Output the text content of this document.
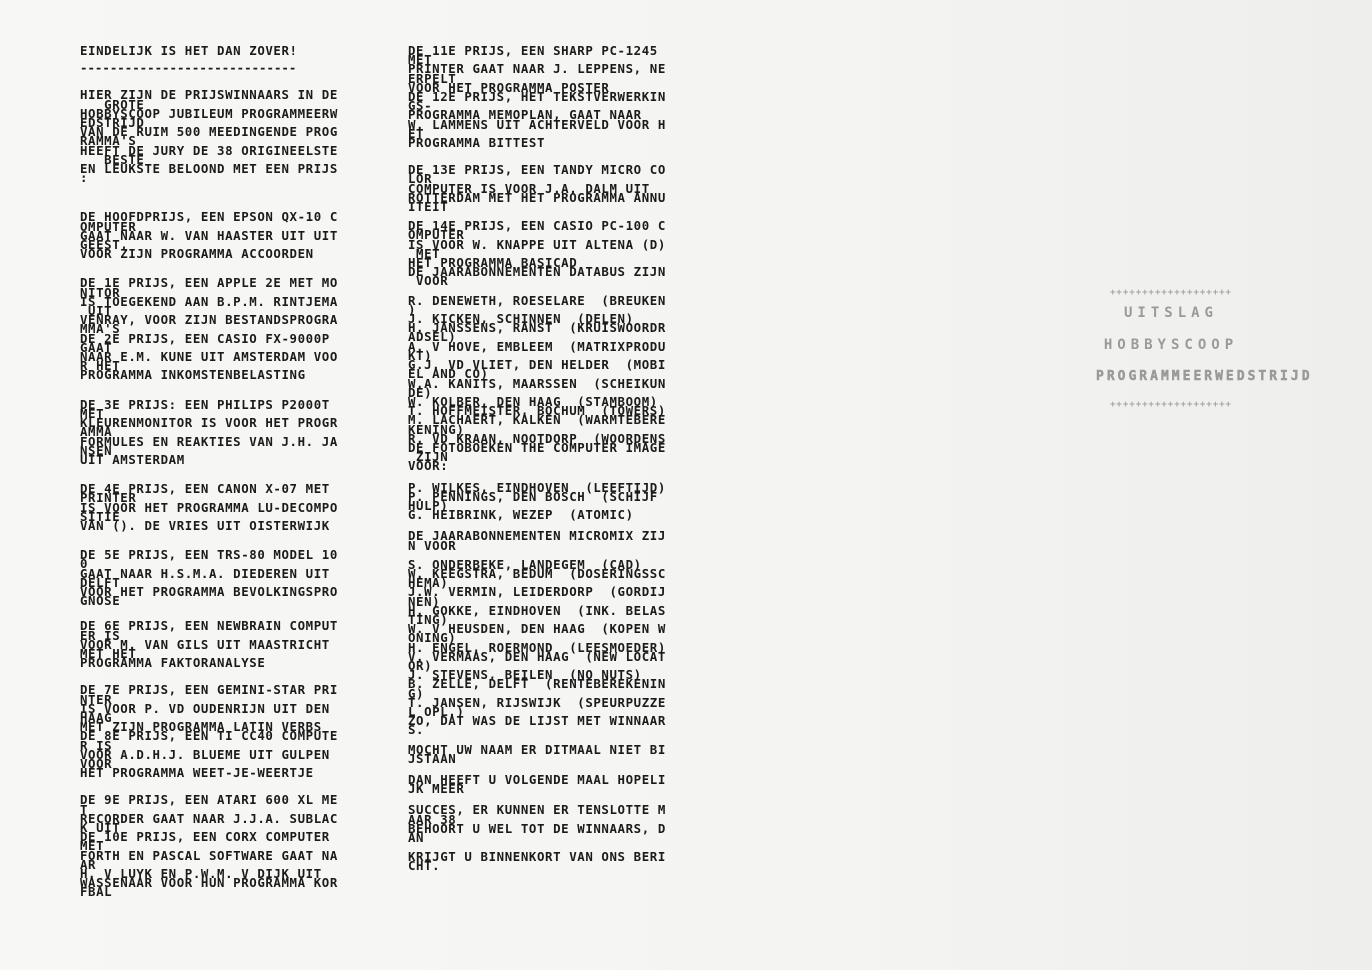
EINDELIJK IS HET DAN ZOVER!

-----------------------------

HIER ZIJN DE PRIJSWINNAARS IN DE
GROTE
HOBBYSCOOP JUBILEUM PROGRAMMEERW
EDSTRIJD
VAN DE RUIM 500 MEEDINGENDE PROG
RAMMA'S
HEEFT DE JURY DE 38 ORIGINEELSTE
BESTE
EN LEUKSTE BELOOND MET EEN PRIJS
:

DE HOOFDPRIJS, EEN EPSON QX-10 C
OMPUTER
GAAT NAAR W. VAN HAASTER UIT UIT
GEEST,
VOOR ZIJN PROGRAMMA ACCOORDEN

DE 1E PRIJS, EEN APPLE 2E MET MO
NITOR
IS TOEGEKEND AAN B.P.M. RINTJEMA
UIT
VENRAY, VOOR ZIJN BESTANDSPROGRA
MMA'S
DE 2E PRIJS, EEN CASIO FX-9000P
GAAT
NAAR E.M. KUNE UIT AMSTERDAM VOO
R HET
PROGRAMMA INKOMSTENBELASTING

DE 3E PRIJS: EEN PHILIPS P2000T
MET
KLEURENMONITOR IS VOOR HET PROGR
AMMA
FORMULES EN REAKTIES VAN J.H. JA
NSEN
UIT AMSTERDAM

DE 4E PRIJS, EEN CANON X-07 MET
PRINTER
IS VOOR HET PROGRAMMA LU-DECOMPO
SITIE
VAN (). DE VRIES UIT OISTERWIJK

DE 5E PRIJS, EEN TRS-80 MODEL 10
0
GAAT NAAR H.S.M.A. DIEDEREN UIT
DELFT
VOOR HET PROGRAMMA BEVOLKINGSPRO
GNOSE

DE 6E PRIJS, EEN NEWBRAIN COMPUT
ER IS
VOOR M. VAN GILS UIT MAASTRICHT
MET HET
PROGRAMMA FAKTORANALYSE

DE 7E PRIJS, EEN GEMINI-STAR PRI
NTER
IS VOOR P. VD OUDENRIJN UIT DEN
HAAG
MET ZIJN PROGRAMMA LATIN VERBS
DE 8E PRIJS, EEN TI CC40 COMPUTE
R IS
VOOR A.D.H.J. BLUEME UIT GULPEN
VOOR
HET PROGRAMMA WEET-JE-WEERTJE

DE 9E PRIJS, EEN ATARI 600 XL ME
T
RECORDER GAAT NAAR J.J.A. SUBLAC
K UIT
DE 10E PRIJS, EEN CORX COMPUTER
MET
FORTH EN PASCAL SOFTWARE GAAT NA
AR
H. V LUYK EN P.W.M. V DIJK UIT
WASSENAAR VOOR HUN PROGRAMMA KOR
FBAL

DE 11E PRIJS, EEN SHARP PC-1245
MET
PRINTER GAAT NAAR J. LEPPENS, NE
ERPELT
VOOR HET PROGRAMMA POSTER
DE 12E PRIJS, HET TEKSTVERWERKIN
GS-
PROGRAMMA MEMOPLAN, GAAT NAAR
W. LAMMENS UIT ACHTERVELD VOOR H
ET
PROGRAMMA BITTEST

DE 13E PRIJS, EEN TANDY MICRO CO
LOR
COMPUTER IS VOOR J.A. DALM UIT
ROTTERDAM MET HET PROGRAMMA ANNU
ITEIT

DE 14E PRIJS, EEN CASIO PC-100 C
OMPUTER
IS VOOR W. KNAPPE UIT ALTENA (D)
MET
HET PROGRAMMA BASICAD
DE JAARABONNEMENTEN DATABUS ZIJN
VOOR

R. DENEWETH, ROESELARE  (BREUKEN
)
J. KICKEN, SCHINNEN  (DELEN)
H. JANSSENS, RANST  (KRUISWOORDR
ADSEL)
A. V HOVE, EMBLEEM  (MATRIXPRODU
KT)
G.J. VD VLIET, DEN HELDER  (MOBI
EL AND CO)
W.A. KANITS, MAARSSEN  (SCHEIKUN
DE)
W. KOLBER, DEN HAAG  (STAMBOOM)
T. HOFFMEISTER, BOCHUM  (TOWERS)
M. LACHAERT, KALKEN  (WARMTEBERE
KENING)
R. VD KRAAN, NOOTDORP  (WOORDENS
DE FOTOBOEKEN THE COMPUTER IMAGE
ZIJN
VOOR:

P. WILKES, EINDHOVEN  (LEEFTIJD)
P. PENNINGS, DEN BOSCH  (SCHIJF
HULP)
G. HEIBRINK, WEZEP  (ATOMIC)

DE JAARABONNEMENTEN MICROMIX ZIJ
N VOOR

S. ONDERBEKE, LANDEGEM  (CAD)
W. KEEGSTRA, BEDUM  (DOSERINGSSC
HEMA)
J.W. VERMIN, LEIDERDORP  (GORDIJ
NEN)
H. GOKKE, EINDHOVEN  (INK. BELAS
TING)
W. V HEUSDEN, DEN HAAG  (KOPEN W
ONING)
H. ENGEL, ROERMOND  (LEESMOEDER)
V. VERMAAS, DEN HAAG  (NEW LOCAT
OR)
J. STEVENS, BEILEN  (NO NUTS)
B. ZELLE, DELFT  (RENTEBEREKENIN
G)
T. JANSEN, RIJSWIJK  (SPEURPUZZE
L OPL.)
ZO, DAT WAS DE LIJST MET WINNAAR
S.

MOCHT UW NAAM ER DITMAAL NIET BI
JSTAAN

DAN HEEFT U VOLGENDE MAAL HOPELI
JK MEER

SUCCES, ER KUNNEN ER TENSLOTTE M
AAR 38
BEHOORT U WEL TOT DE WINNAARS, D
AN

KRIJGT U BINNENKORT VAN ONS BERI
CHT.

+++++++++++++++++++
UITSLAG
HOBBYSCOOP
PROGRAMMEERWEDSTRIJD
+++++++++++++++++++
